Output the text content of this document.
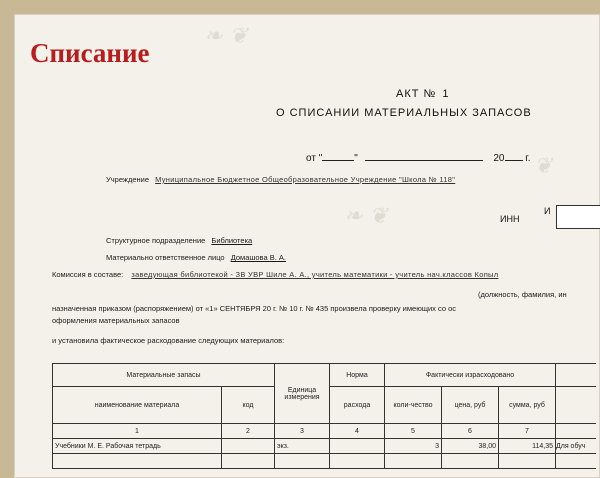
❧ ❦
❧ ❦
❦
Списание
АКТ № 1
О СПИСАНИИ МАТЕРИАЛЬНЫХ ЗАПАСОВ
от "	"	20 г.
Учреждение Муниципальное Бюджетное Общеобразовательное Учреждение "Школа № 118"
ИНН
И
Структурное подразделение Библиотека
Материально ответственное лицо Домашова В. А.
Комиссия в составе: заведующая библиотекой - ЗВ УВР Шиле А. А., учитель математики - учитель нач.классов Копыл
(должность, фамилия, ин
назначенная приказом (распоряжением) от «1» СЕНТЯБРЯ 20 г. № 10 г. № 435 произвела проверку имеющих со ос
оформления материальных запасов
и установила фактическое расходование следующих материалов:
Материальные запасы		Единица измерения	Норма	Фактически израсходовано			
наименование материала	код		расхода	коли-чество	цена, руб	сумма, руб	
1	2	3	4	5	6	7	
Учебники М. Е. Рабочая тетрадь		экз.		3	38,00	114,35	Для обуч
